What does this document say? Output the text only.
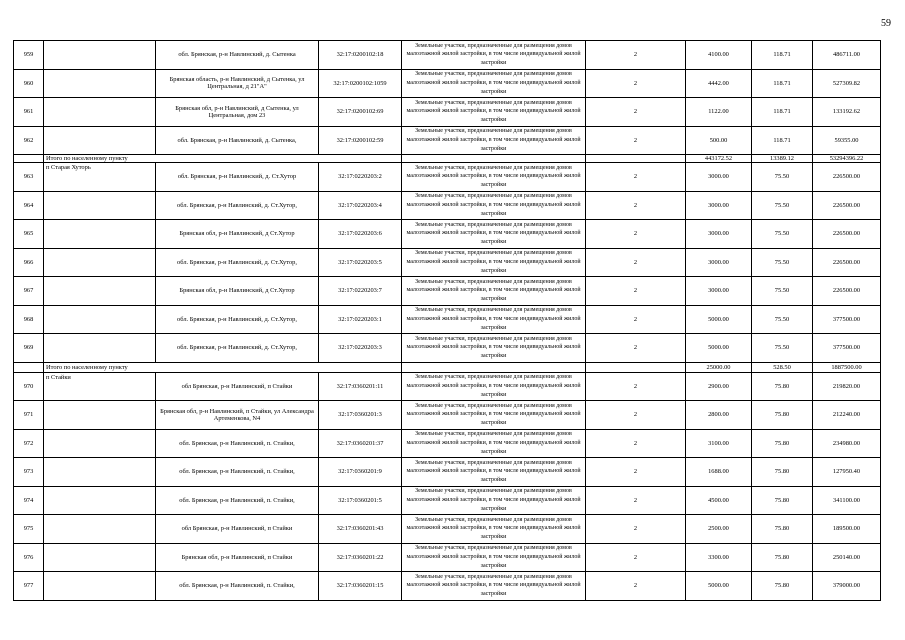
59
959		обл. Брянская, р-н Навлинский, д. Сытенка	32:17:0200102:18	Земельные участки, предназначенные для размещения домов малоэтажной жилой застройки, в том числе индивидуальной жилой застройки	2	4100.00	118.71	486711.00
960		Брянская область, р-н Навлинский, д Сытенка, ул Центральная, д 21"А"	32:17:0200102:1059	Земельные участки, предназначенные для размещения домов малоэтажной жилой застройки, в том числе индивидуальной жилой застройки	2	4442.00	118.71	527309.82
961		Брянская обл, р-н Навлинский, д Сытенка, ул Центральная, дом 23	32:17:0200102:69	Земельные участки, предназначенные для размещения домов малоэтажной жилой застройки, в том числе индивидуальной жилой застройки	2	1122.00	118.71	133192.62
962		обл. Брянская, р-н Навлинский, д. Сытенка,	32:17:0200102:59	Земельные участки, предназначенные для размещения домов малоэтажной жилой застройки, в том числе индивидуальной жилой застройки	2	500.00	118.71	59355.00
	Итого по населенному пункту					443172.52	13389.12	53294396.22
963	п Старая Хуторь	обл. Брянская, р-н Навлинский, д. Ст.Хутор	32:17:0220203:2	Земельные участки, предназначенные для размещения домов малоэтажной жилой застройки, в том числе индивидуальной жилой застройки	2	3000.00	75.50	226500.00
964		обл. Брянская, р-н Навлинский, д. Ст.Хутор,	32:17:0220203:4	Земельные участки, предназначенные для размещения домов малоэтажной жилой застройки, в том числе индивидуальной жилой застройки	2	3000.00	75.50	226500.00
965		Брянская обл, р-н Навлинский, д Ст.Хутор	32:17:0220203:6	Земельные участки, предназначенные для размещения домов малоэтажной жилой застройки, в том числе индивидуальной жилой застройки	2	3000.00	75.50	226500.00
966		обл. Брянская, р-н Навлинский, д. Ст.Хутор,	32:17:0220203:5	Земельные участки, предназначенные для размещения домов малоэтажной жилой застройки, в том числе индивидуальной жилой застройки	2	3000.00	75.50	226500.00
967		Брянская обл, р-н Навлинский, д Ст.Хутор	32:17:0220203:7	Земельные участки, предназначенные для размещения домов малоэтажной жилой застройки, в том числе индивидуальной жилой застройки	2	3000.00	75.50	226500.00
968		обл. Брянская, р-н Навлинский, д. Ст.Хутор,	32:17:0220203:1	Земельные участки, предназначенные для размещения домов малоэтажной жилой застройки, в том числе индивидуальной жилой застройки	2	5000.00	75.50	377500.00
969		обл. Брянская, р-н Навлинский, д. Ст.Хутор,	32:17:0220203:3	Земельные участки, предназначенные для размещения домов малоэтажной жилой застройки, в том числе индивидуальной жилой застройки	2	5000.00	75.50	377500.00
	Итого по населенному пункту					25000.00	528.50	1887500.00
970	п Стайки	обл Брянская, р-н Навлинский, п Стайки	32:17:0360201:11	Земельные участки, предназначенные для размещения домов малоэтажной жилой застройки, в том числе индивидуальной жилой застройки	2	2900.00	75.80	219820.00
971		Брянская обл, р-н Навлинский, п Стайки, ул Александра Артеменкова, N4	32:17:0360201:3	Земельные участки, предназначенные для размещения домов малоэтажной жилой застройки, в том числе индивидуальной жилой застройки	2	2800.00	75.80	212240.00
972		обл. Брянская, р-н Навлинский, п. Стайки,	32:17:0360201:37	Земельные участки, предназначенные для размещения домов малоэтажной жилой застройки, в том числе индивидуальной жилой застройки	2	3100.00	75.80	234980.00
973		обл. Брянская, р-н Навлинский, п. Стайки,	32:17:0360201:9	Земельные участки, предназначенные для размещения домов малоэтажной жилой застройки, в том числе индивидуальной жилой застройки	2	1688.00	75.80	127950.40
974		обл. Брянская, р-н Навлинский, п. Стайки,	32:17:0360201:5	Земельные участки, предназначенные для размещения домов малоэтажной жилой застройки, в том числе индивидуальной жилой застройки	2	4500.00	75.80	341100.00
975		обл Брянская, р-н Навлинский, п Стайки	32:17:0360201:43	Земельные участки, предназначенные для размещения домов малоэтажной жилой застройки, в том числе индивидуальной жилой застройки	2	2500.00	75.80	189500.00
976		Брянская обл, р-н Навлинский, п Стайки	32:17:0360201:22	Земельные участки, предназначенные для размещения домов малоэтажной жилой застройки, в том числе индивидуальной жилой застройки	2	3300.00	75.80	250140.00
977		обл. Брянская, р-н Навлинский, п. Стайки,	32:17:0360201:15	Земельные участки, предназначенные для размещения домов малоэтажной жилой застройки, в том числе индивидуальной жилой застройки	2	5000.00	75.80	379000.00
